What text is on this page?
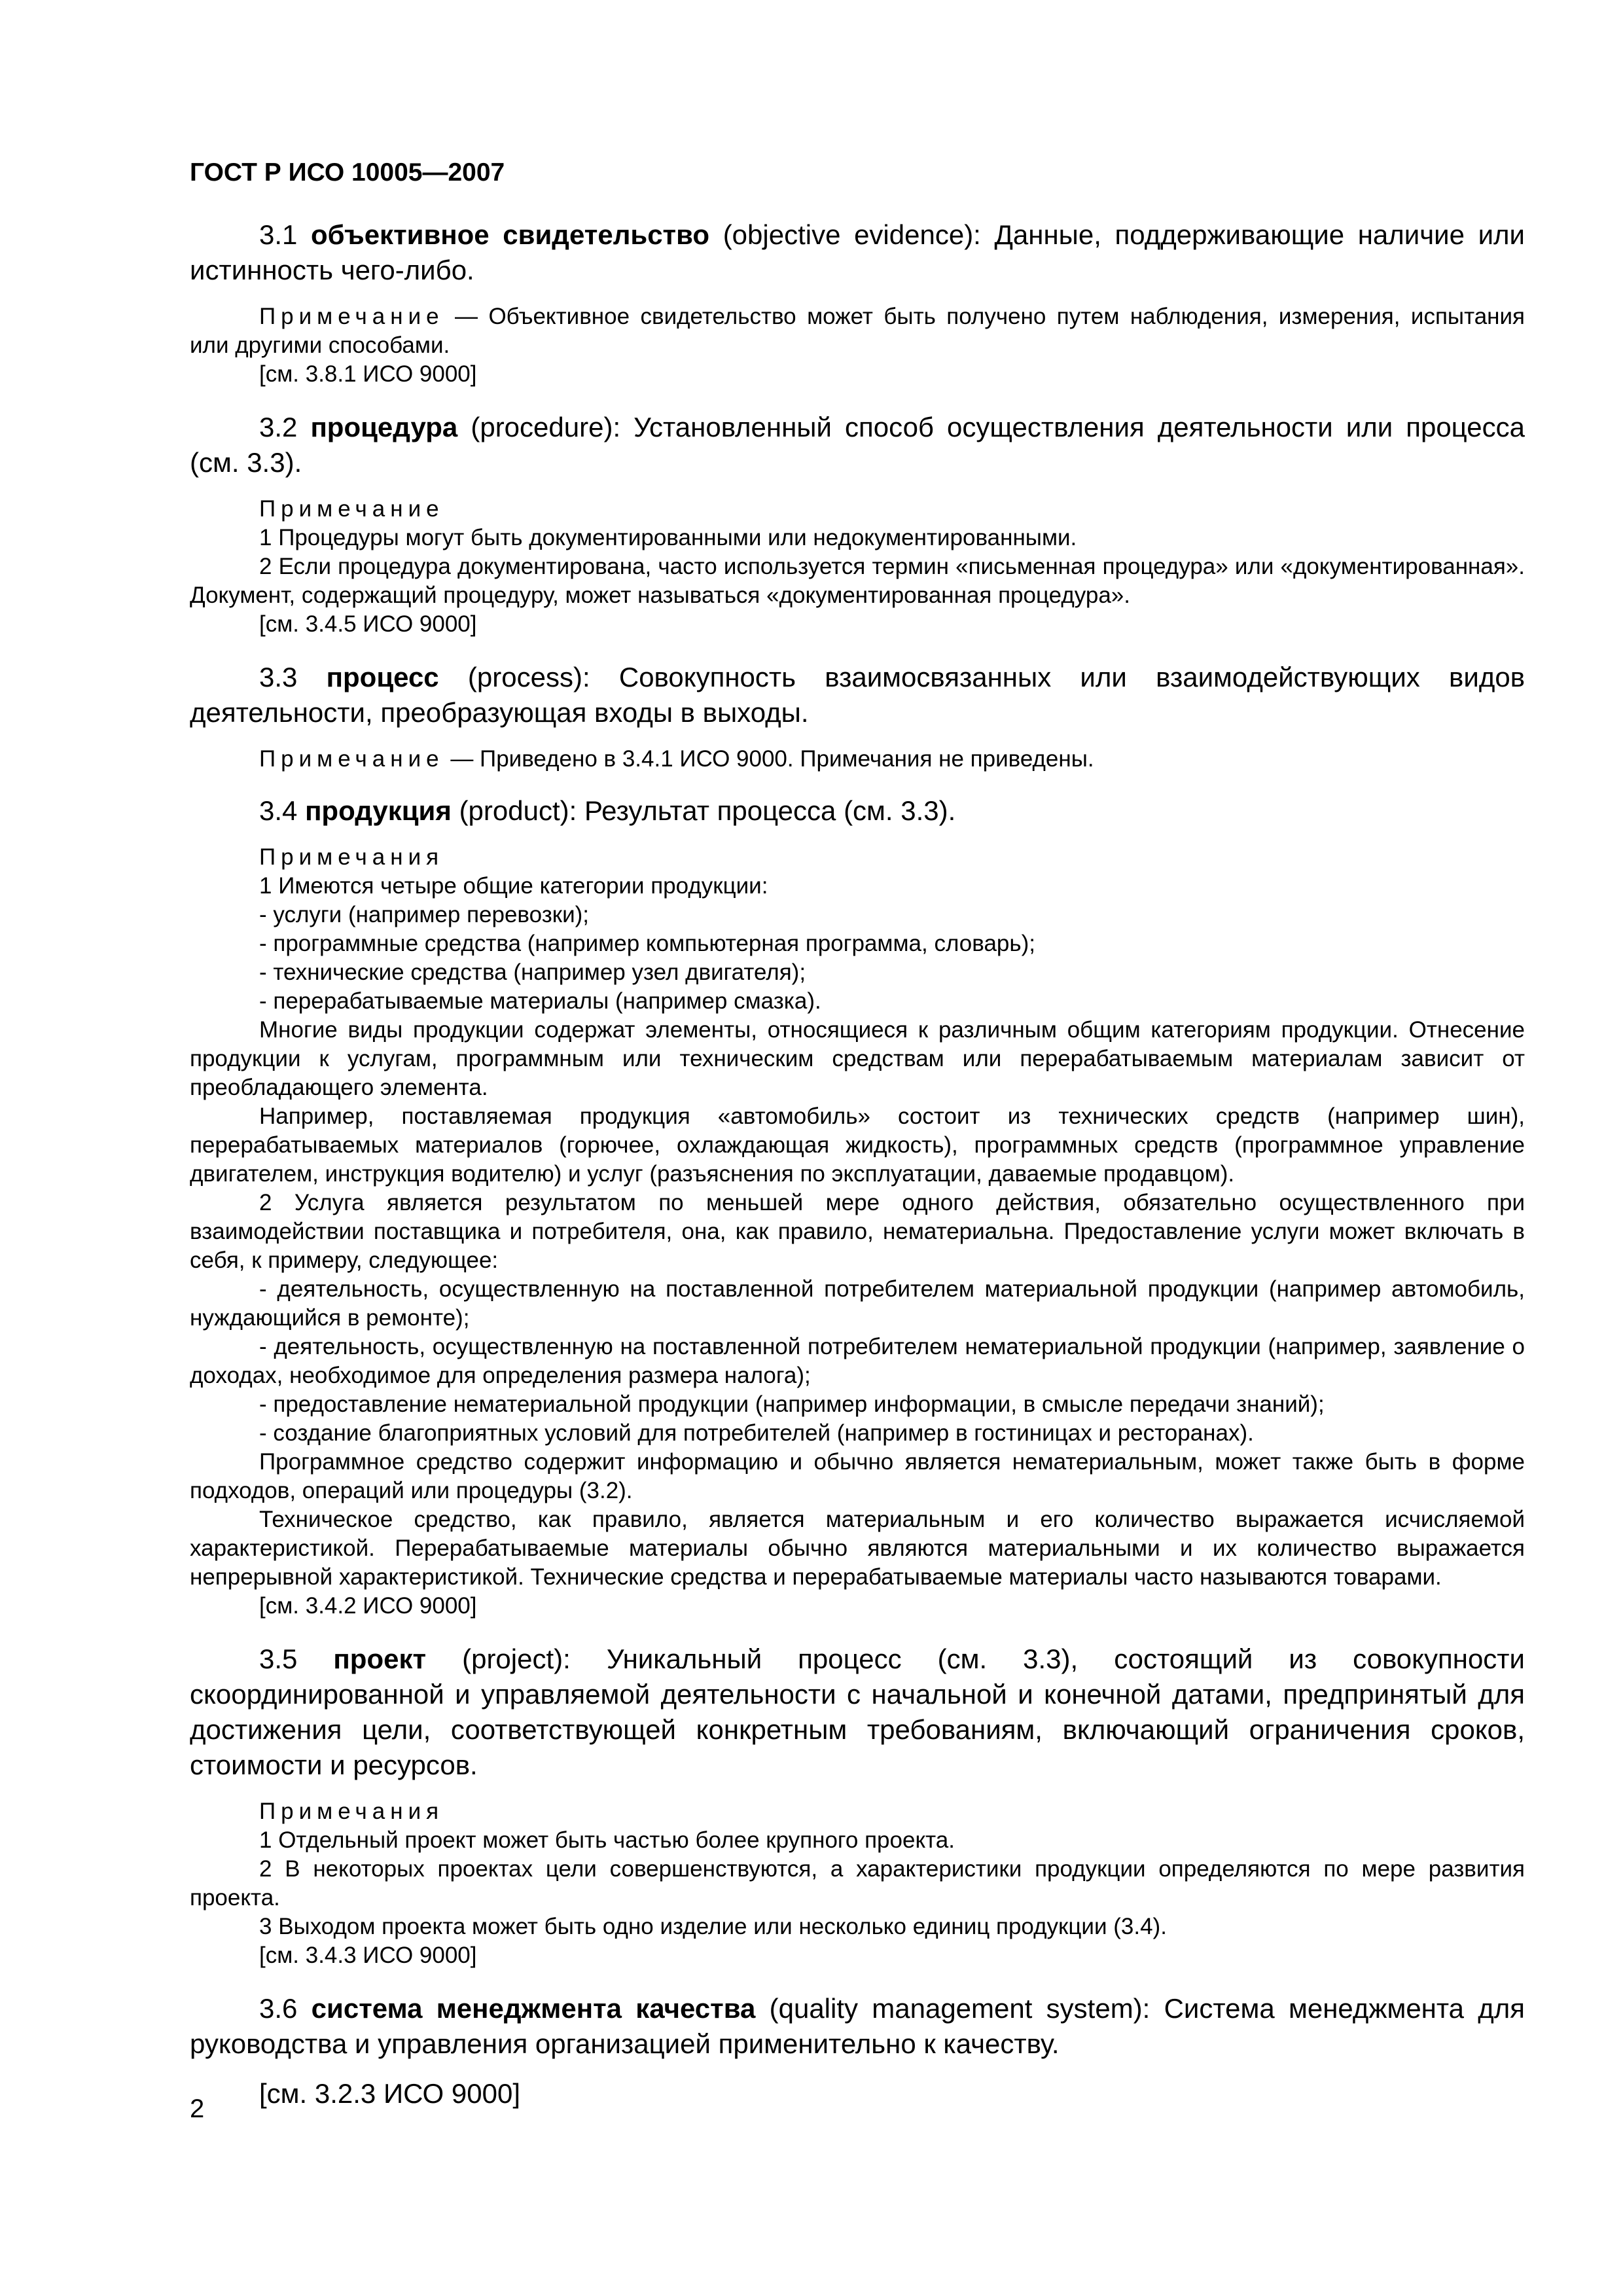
ГОСТ Р ИСО 10005—2007

3.1 объективное свидетельство (objective evidence): Данные, поддерживающие наличие или истинность чего-либо.

Примечание — Объективное свидетельство может быть получено путем наблюдения, измерения, испытания или другими способами.

[см. 3.8.1 ИСО 9000]

3.2 процедура (procedure): Установленный способ осуществления деятельности или процесса (см. 3.3).

Примечание

1 Процедуры могут быть документированными или недокументированными.

2 Если процедура документирована, часто используется термин «письменная процедура» или «документированная». Документ, содержащий процедуру, может называться «документированная процедура».

[см. 3.4.5 ИСО 9000]

3.3 процесс (process): Совокупность взаимосвязанных или взаимодействующих видов деятельности, преобразующая входы в выходы.

Примечание — Приведено в 3.4.1 ИСО 9000. Примечания не приведены.

3.4 продукция (product): Результат процесса (см. 3.3).

Примечания

1 Имеются четыре общие категории продукции:

- услуги (например перевозки);

- программные средства (например компьютерная программа, словарь);

- технические средства (например узел двигателя);

- перерабатываемые материалы (например смазка).

Многие виды продукции содержат элементы, относящиеся к различным общим категориям продукции. Отнесение продукции к услугам, программным или техническим средствам или перерабатываемым материалам зависит от преобладающего элемента.

Например, поставляемая продукция «автомобиль» состоит из технических средств (например шин), перерабатываемых материалов (горючее, охлаждающая жидкость), программных средств (программное управление двигателем, инструкция водителю) и услуг (разъяснения по эксплуатации, даваемые продавцом).

2 Услуга является результатом по меньшей мере одного действия, обязательно осуществленного при взаимодействии поставщика и потребителя, она, как правило, нематериальна. Предоставление услуги может включать в себя, к примеру, следующее:

- деятельность, осуществленную на поставленной потребителем материальной продукции (например автомобиль, нуждающийся в ремонте);

- деятельность, осуществленную на поставленной потребителем нематериальной продукции (например, заявление о доходах, необходимое для определения размера налога);

- предоставление нематериальной продукции (например информации, в смысле передачи знаний);

- создание благоприятных условий для потребителей (например в гостиницах и ресторанах).

Программное средство содержит информацию и обычно является нематериальным, может также быть в форме подходов, операций или процедуры (3.2).

Техническое средство, как правило, является материальным и его количество выражается исчисляемой характеристикой. Перерабатываемые материалы обычно являются материальными и их количество выражается непрерывной характеристикой. Технические средства и перерабатываемые материалы часто называются товарами.

[см. 3.4.2 ИСО 9000]

3.5 проект (project): Уникальный процесс (см. 3.3), состоящий из совокупности скоординированной и управляемой деятельности с начальной и конечной датами, предпринятый для достижения цели, соответствующей конкретным требованиям, включающий ограничения сроков, стоимости и ресурсов.

Примечания

1 Отдельный проект может быть частью более крупного проекта.

2 В некоторых проектах цели совершенствуются, а характеристики продукции определяются по мере развития проекта.

3 Выходом проекта может быть одно изделие или несколько единиц продукции (3.4).

[см. 3.4.3 ИСО 9000]

3.6 система менеджмента качества (quality management system): Система менеджмента для руководства и управления организацией применительно к качеству.

[см. 3.2.3 ИСО 9000]

2
